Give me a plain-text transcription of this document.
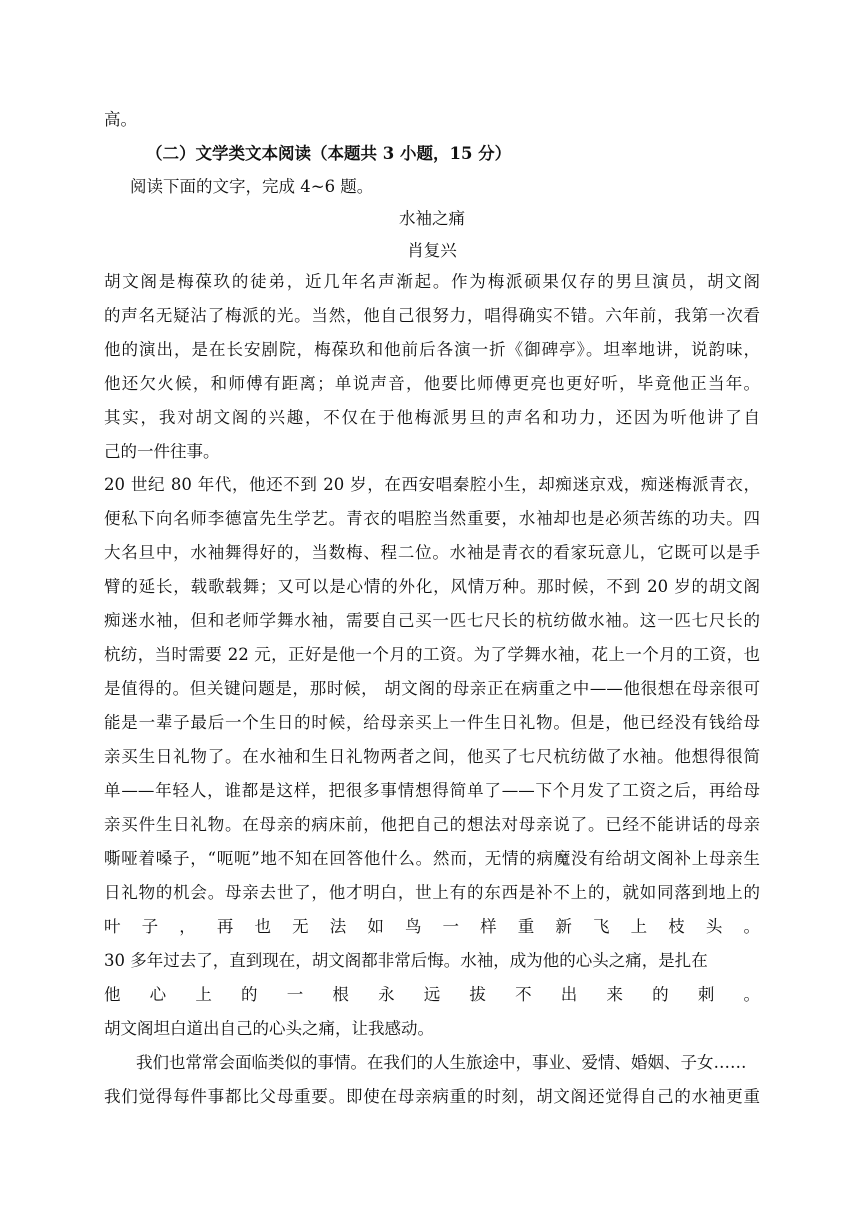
高。
（二）文学类文本阅读（本题共 3 小题，15 分）
阅读下面的文字，完成 4~6 题。
水袖之痛
肖复兴
胡文阁是梅葆玖的徒弟，近几年名声渐起。作为梅派硕果仅存的男旦演员，胡文阁
的声名无疑沾了梅派的光。当然，他自己很努力，唱得确实不错。六年前，我第一次看
他的演出，是在长安剧院，梅葆玖和他前后各演一折《御碑亭》。坦率地讲，说韵味，
他还欠火候，和师傅有距离；单说声音，他要比师傅更亮也更好听，毕竟他正当年。
其实，我对胡文阁的兴趣，不仅在于他梅派男旦的声名和功力，还因为听他讲了自
己的一件往事。
20 世纪 80 年代，他还不到 20 岁，在西安唱秦腔小生，却痴迷京戏，痴迷梅派青衣，
便私下向名师李德富先生学艺。青衣的唱腔当然重要，水袖却也是必须苦练的功夫。四
大名旦中，水袖舞得好的，当数梅、程二位。水袖是青衣的看家玩意儿，它既可以是手
臂的延长，载歌载舞；又可以是心情的外化，风情万种。那时候，不到 20 岁的胡文阁
痴迷水袖，但和老师学舞水袖，需要自己买一匹七尺长的杭纺做水袖。这一匹七尺长的
杭纺，当时需要 22 元，正好是他一个月的工资。为了学舞水袖，花上一个月的工资，也
是值得的。但关键问题是，那时候， 胡文阁的母亲正在病重之中——他很想在母亲很可
能是一辈子最后一个生日的时候，给母亲买上一件生日礼物。但是，他已经没有钱给母
亲买生日礼物了。在水袖和生日礼物两者之间，他买了七尺杭纺做了水袖。他想得很简
单——年轻人，谁都是这样，把很多事情想得简单了——下个月发了工资之后，再给母
亲买件生日礼物。在母亲的病床前，他把自己的想法对母亲说了。已经不能讲话的母亲
嘶哑着嗓子，“呃呃”地不知在回答他什么。然而，无情的病魔没有给胡文阁补上母亲生
日礼物的机会。母亲去世了，他才明白，世上有的东西是补不上的，就如同落到地上的
叶子，再也无法如鸟一样重新飞上枝头。
30 多年过去了，直到现在，胡文阁都非常后悔。水袖，成为他的心头之痛，是扎在
他心上的一根永远拔不出来的刺。
胡文阁坦白道出自己的心头之痛，让我感动。
我们也常常会面临类似的事情。在我们的人生旅途中，事业、爱情、婚姻、子女……
我们觉得每件事都比父母重要。即使在母亲病重的时刻，胡文阁还觉得自己的水袖更重
